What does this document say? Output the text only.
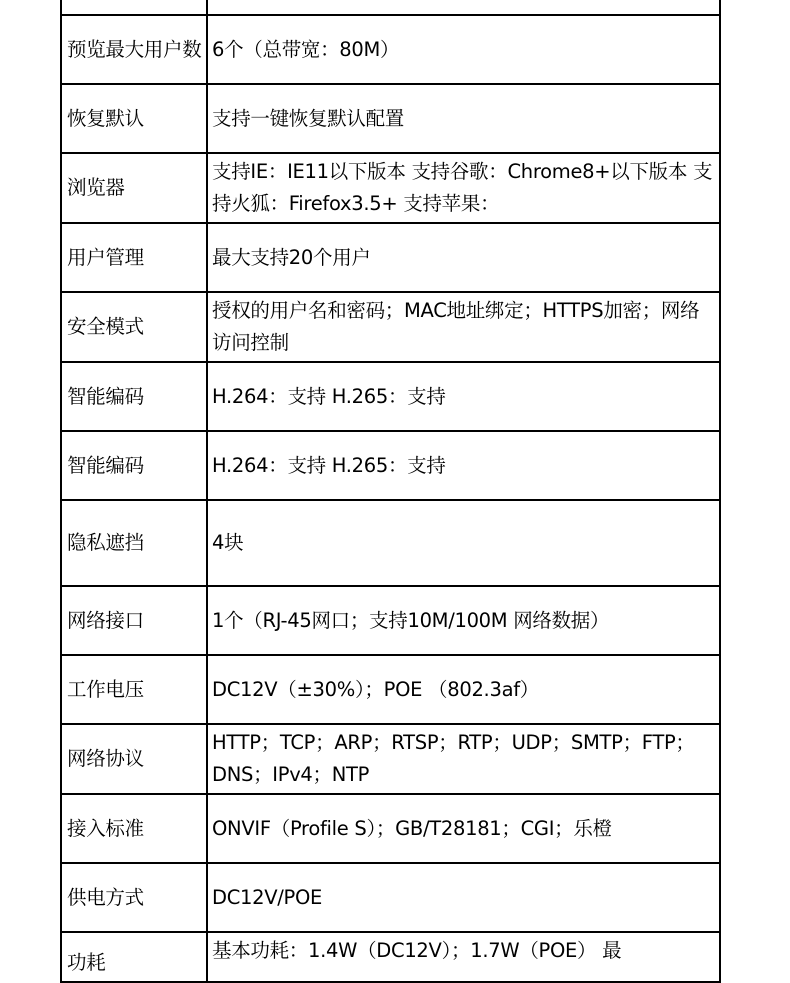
预览最大用户数	6个（总带宽：80M）
恢复默认	支持一键恢复默认配置
浏览器	支持IE：IE11以下版本 支持谷歌：Chrome8+以下版本 支持火狐：Firefox3.5+ 支持苹果：
用户管理	最大支持20个用户
安全模式	授权的用户名和密码；MAC地址绑定；HTTPS加密；网络访问控制
智能编码	H.264：支持 H.265：支持
智能编码	H.264：支持 H.265：支持
隐私遮挡	4块
网络接口	1个（RJ-45网口；支持10M/100M 网络数据）
工作电压	DC12V（±30%）；POE （802.3af）
网络协议	HTTP；TCP；ARP；RTSP；RTP；UDP；SMTP；FTP；DNS；IPv4；NTP
接入标准	ONVIF（Profile S）；GB/T28181；CGI；乐橙
供电方式	DC12V/POE
功耗	基本功耗：1.4W（DC12V）；1.7W（POE） 最
